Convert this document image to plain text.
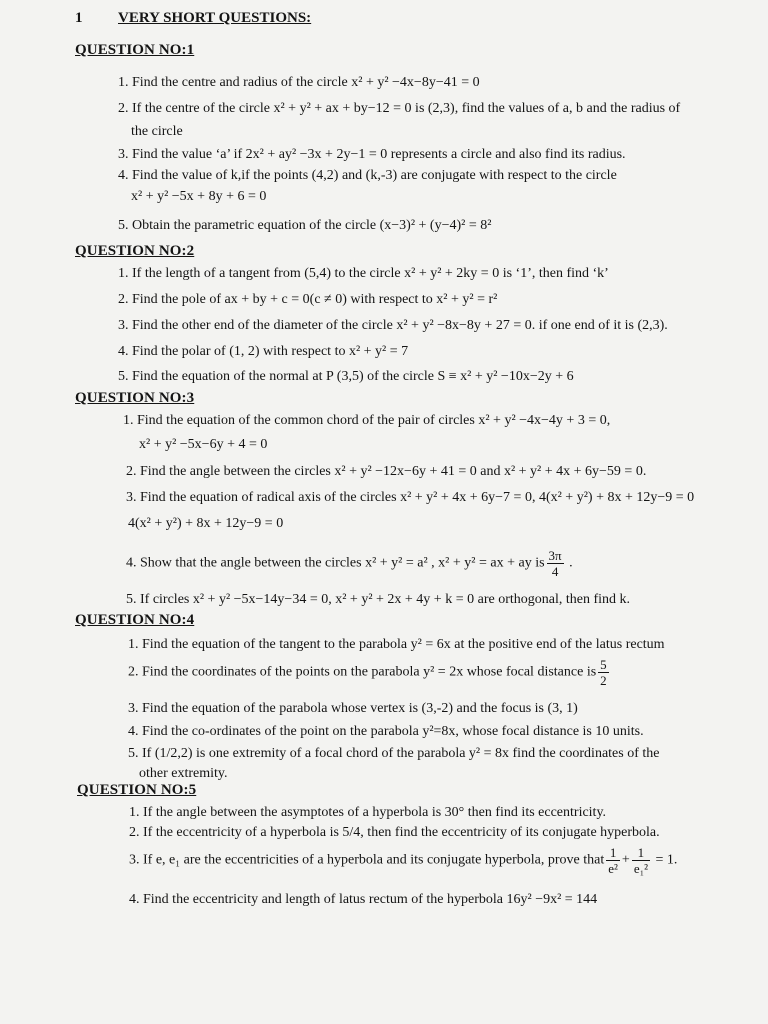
1 VERY SHORT QUESTIONS:
QUESTION NO:1
1. Find the centre and radius of the circle x² + y² −4x−8y−41 = 0
2. If the centre of the circle x² + y² + ax + by−12 = 0 is (2,3), find the values of a, b and the radius of
the circle
3. Find the value ‘a’ if 2x² + ay² −3x + 2y−1 = 0 represents a circle and also find its radius.
4. Find the value of k,if the points (4,2) and (k,-3) are conjugate with respect to the circle
x² + y² −5x + 8y + 6 = 0
5. Obtain the parametric equation of the circle (x−3)² + (y−4)² = 8²
QUESTION NO:2
1. If the length of a tangent from (5,4) to the circle x² + y² + 2ky = 0 is ‘1’, then find ‘k’
2. Find the pole of ax + by + c = 0(c ≠ 0) with respect to x² + y² = r²
3. Find the other end of the diameter of the circle x² + y² −8x−8y + 27 = 0. if one end of it is (2,3).
4. Find the polar of (1, 2) with respect to x² + y² = 7
5. Find the equation of the normal at P (3,5) of the circle S ≡ x² + y² −10x−2y + 6
QUESTION NO:3
1. Find the equation of the common chord of the pair of circles x² + y² −4x−4y + 3 = 0,
x² + y² −5x−6y + 4 = 0
2. Find the angle between the circles x² + y² −12x−6y + 41 = 0 and x² + y² + 4x + 6y−59 = 0.
3. Find the equation of radical axis of the circles x² + y² + 4x + 6y−7 = 0, 4(x² + y²) + 8x + 12y−9 = 0
4(x² + y²) + 8x + 12y−9 = 0
4. Show that the angle between the circles x² + y² = a² , x² + y² = ax + ay is $\frac{3\pi}{4}$ .
5. If circles x² + y² −5x−14y−34 = 0, x² + y² + 2x + 4y + k = 0 are orthogonal, then find k.
QUESTION NO:4
1. Find the equation of the tangent to the parabola y² = 6x at the positive end of the latus rectum
2. Find the coordinates of the points on the parabola y² = 2x whose focal distance is $\frac{5}{2}$
3. Find the equation of the parabola whose vertex is (3,-2) and the focus is (3, 1)
4. Find the co-ordinates of the point on the parabola y²=8x, whose focal distance is 10 units.
5. If (1/2,2) is one extremity of a focal chord of the parabola y² = 8x find the coordinates of the
other extremity.
QUESTION NO:5
1. If the angle between the asymptotes of a hyperbola is 30° then find its eccentricity.
2. If the eccentricity of a hyperbola is 5/4, then find the eccentricity of its conjugate hyperbola.
3. If e, e₁ are the eccentricities of a hyperbola and its conjugate hyperbola, prove that $\frac{1}{\text{e²}} + \frac{1}{\text{e₁²}} = 1$.
4. Find the eccentricity and length of latus rectum of the hyperbola 16y² −9x² = 144
